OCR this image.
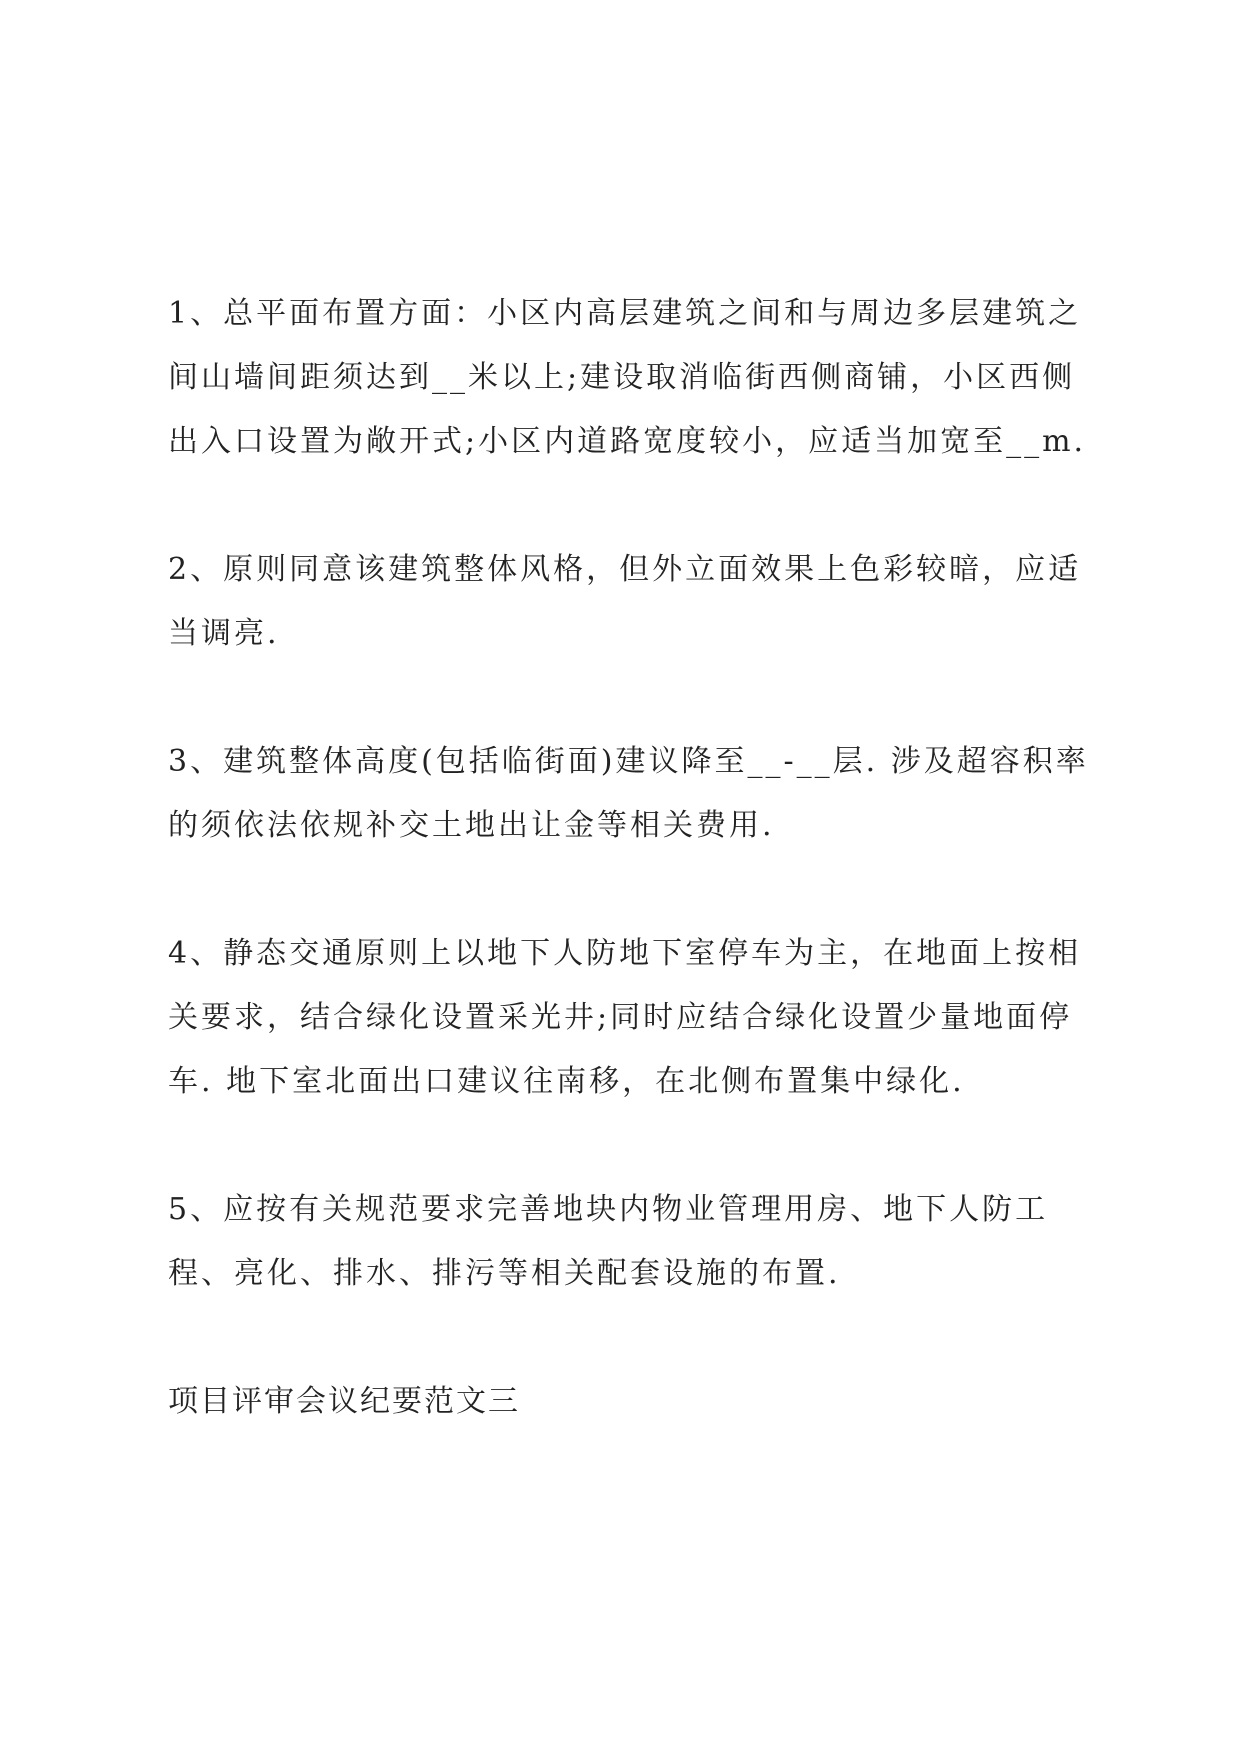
1、总平面布置方面：小区内高层建筑之间和与周边多层建筑之
间山墙间距须达到__米以上;建设取消临街西侧商铺，小区西侧
出入口设置为敞开式;小区内道路宽度较小，应适当加宽至__m.
2、原则同意该建筑整体风格，但外立面效果上色彩较暗，应适
当调亮.
3、建筑整体高度(包括临街面)建议降至__-__层. 涉及超容积率
的须依法依规补交土地出让金等相关费用.
4、静态交通原则上以地下人防地下室停车为主，在地面上按相
关要求，结合绿化设置采光井;同时应结合绿化设置少量地面停
车. 地下室北面出口建议往南移，在北侧布置集中绿化.
5、应按有关规范要求完善地块内物业管理用房、地下人防工
程、亮化、排水、排污等相关配套设施的布置.
项目评审会议纪要范文三
